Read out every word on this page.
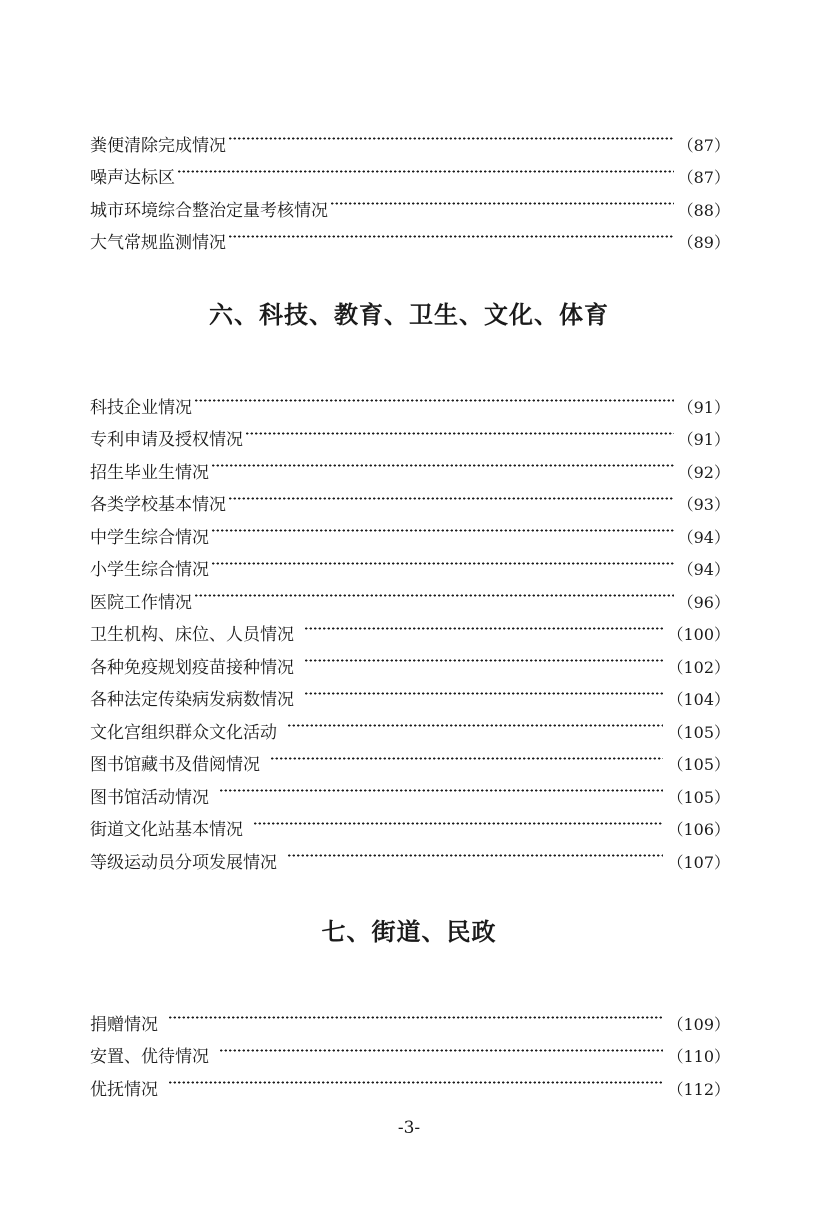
粪便清除完成情况	（87）
噪声达标区	（87）
城市环境综合整治定量考核情况	（88）
大气常规监测情况	（89）
六、科技、教育、卫生、文化、体育
科技企业情况	（91）
专利申请及授权情况	（91）
招生毕业生情况	（92）
各类学校基本情况	（93）
中学生综合情况	（94）
小学生综合情况	（94）
医院工作情况	（96）
卫生机构、床位、人员情况	（100）
各种免疫规划疫苗接种情况	（102）
各种法定传染病发病数情况	（104）
文化宫组织群众文化活动	（105）
图书馆藏书及借阅情况	（105）
图书馆活动情况	（105）
街道文化站基本情况	（106）
等级运动员分项发展情况	（107）
七、街道、民政
捐赠情况	（109）
安置、优待情况	（110）
优抚情况	（112）
-3-
